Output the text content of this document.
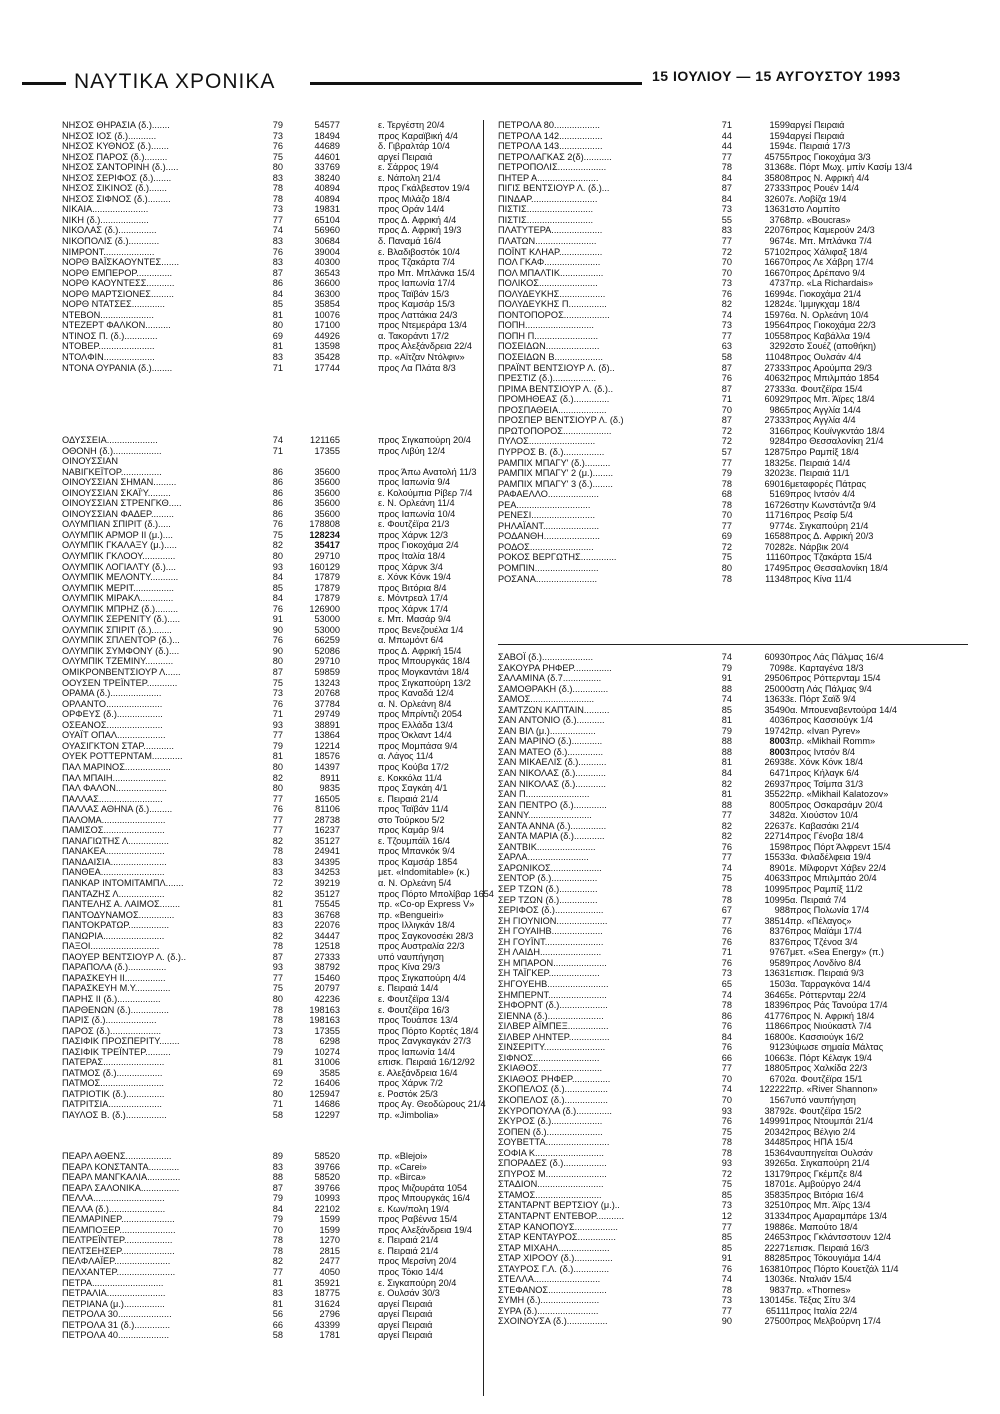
ΝΑΥΤΙΚΑ ΧΡΟΝΙΚΑ	15 ΙΟΥΛΙΟΥ — 15 ΑΥΓΟΥΣΤΟΥ 1993
ΝΗΣΟΣ ΘΗΡΑΣΙΑ (δ.).......	79	54577	ε. Τεργέστη 20/4
ΝΗΣΟΣ ΙΟΣ (δ.)...........	73	18494	προς Καραϊβική 4/4
ΝΗΣΟΣ ΚΥΘΝΟΣ (δ.).......	76	44689	δ. Γιβραλτάρ 10/4
ΝΗΣΟΣ ΠΑΡΟΣ (δ.).........	75	44601	αργεί Πειραιά
ΝΗΣΟΣ ΣΑΝΤΟΡΙΝΗ (δ.).....	80	33769	ε. Σάρρος 19/4
ΝΗΣΟΣ ΣΕΡΙΦΟΣ (δ.).......	83	38240	ε. Νάπολη 21/4
ΝΗΣΟΣ ΣΙΚΙΝΟΣ (δ.).......	78	40894	προς Γκάλβεστον 19/4
ΝΗΣΟΣ ΣΙΦΝΟΣ (δ.).........	78	40894	προς Μιλάζο 18/4
ΝΙΚΑΙΑ......................	73	19831	προς Οράν 14/4
ΝΙΚΗ (δ.)...................	77	65104	προς Δ. Αφρική 4/4
ΝΙΚΟΛΑΣ (δ.)...............	74	56960	προς Δ. Αφρική 19/3
ΝΙΚΟΠΟΛΙΣ (δ.)............	83	30684	δ. Παναμά 16/4
ΝΙΜΡΟΝΤ....................	76	39004	ε. Βλαδιβοστόκ 10/4
ΝΟΡΘ ΒΑΪΣΚΑΟΥΝΤΕΣ.......	83	40300	προς Τζακάρτα 7/4
ΝΟΡΘ ΕΜΠΕΡΟΡ..............	87	36543	προ Μπ. Μπλάνκα 15/4
ΝΟΡΘ ΚΑΟΥΝΤΕΣΣ...........	86	36600	προς Ιαπωνία 17/4
ΝΟΡΘ ΜΑΡΤΣΙΟΝΕΣ.........	84	36300	προς Ταϊβάν 15/3
ΝΟΡΘ ΝΤΑΤΣΕΣ.............	85	35854	προς Καμσάρ 15/3
ΝΤΕΒΟΝ.....................	81	10076	προς Λαττάκια 24/3
ΝΤΕΖΕΡΤ ΦΑΛΚΟΝ..........	80	17100	προς Ντεμεράρα 13/4
ΝΤΙΝΟΣ Π. (δ.).............	69	44926	α. Τακοράντι 17/2
ΝΤΟΒΕΡ......................	81	13598	προς Αλεξάνδρεια 22/4
ΝΤΟΛΦΙΝ....................	83	35428	πρ. «Αϊτζαν Ντόλφιν»
ΝΤΟΝΑ ΟΥΡΑΝΙΑ (δ.)........	71	17744	προς Λα Πλάτα 8/3
ΟΔΥΣΣΕΙΑ....................	74	121165	προς Σιγκαπούρη 20/4
ΟΘΟΝΗ (δ.)...................	71	17355	προς Λιβύη 12/4
ΟΙΝΟΥΣΣΙΑΝ
ΝΑΒΙΓΚΕΪΤΟΡ................	86	35600	προς Άπω Ανατολή 11/3
ΟΙΝΟΥΣΣΙΑΝ ΣΗΜΑΝ.........	86	35600	προς Ιαπωνία 9/4
ΟΙΝΟΥΣΣΙΑΝ ΣΚΑΪ'Υ.........	86	35600	ε. Κολούμπια Ρίβερ 7/4
ΟΙΝΟΥΣΣΙΑΝ ΣΤΡΕΝΓΚΘ.....	86	35600	ε. Ν. Ορλεάνη 11/4
ΟΙΝΟΥΣΣΙΑΝ ΦΑΔΕΡ.........	86	35600	προς Ιαπωνία 10/4
ΟΛΥΜΠΙΑΝ ΣΠΙΡΙΤ (δ.).....	76	178808	ε. Φουτζέϊρα 21/3
ΟΛΥΜΠΙΚ ΑΡΜΟΡ ΙΙ (μ.)....	75	128234	προς Χάρνκ 12/3
ΟΛΥΜΠΙΚ ΓΚΑΛΑΞΥ (μ.).....	82	35417	προς Γιοκοχάμα 2/4
ΟΛΥΜΠΙΚ ΓΚΛΟΟΥ.............	80	29710	προς Ιταλία 18/4
ΟΛΥΜΠΙΚ ΛΟΓΙΑΛΤΥ (δ.)....	93	160129	προς Χάρνκ 3/4
ΟΛΥΜΠΙΚ ΜΕΛΟΝΤΥ...........	84	17879	ε. Χόνκ Κόνκ 19/4
ΟΛΥΜΠΙΚ ΜΕΡΙΤ................	85	17879	προς Βιτόρια 8/4
ΟΛΥΜΠΙΚ ΜΙΡΑΚΛ.............	84	17879	ε. Μόντρεαλ 17/4
ΟΛΥΜΠΙΚ ΜΠΡΗΖ (δ.).........	76	126900	προς Χάρνκ 17/4
ΟΛΥΜΠΙΚ ΣΕΡΕΝΙΤΥ (δ.).....	91	53000	ε. Μπ. Μασάρ 9/4
ΟΛΥΜΠΙΚ ΣΠΙΡΙΤ (δ.)........	90	53000	προς Βενεζουέλα 1/4
ΟΛΥΜΠΙΚ ΣΠΛΕΝΤΟΡ (δ.)...	76	66259	α. Μπωμόντ 6/4
ΟΛΥΜΠΙΚ ΣΥΜΦΟΝΥ (δ.)....	90	52086	προς Δ. Αφρική 15/4
ΟΛΥΜΠΙΚ ΤΖΕΜΙΝΥ...........	80	29710	προς Μπουργκάς 18/4
ΟΜΙΚΡΟΝΒΕΝΤΣΙΟΥΡ Λ......	87	59859	προς Μογκαντάνι 18/4
ΟΟΥΣΕΝ ΤΡΕΪΝΤΕΡ............	75	13243	προς Σιγκαπούρη 13/2
ΟΡΑΜΑ (δ.)....................	73	20768	προς Καναδά 12/4
ΟΡΛΑΝΤΟ......................	76	37784	α. Ν. Ορλεάνη 8/4
ΟΡΦΕΥΣ (δ.)..................	71	29749	προς Μπρίντιζι 2054
ΟΣΕΑΝΟΣ......................	93	38891	προς Ελλάδα 13/4
ΟΥΑΪΤ ΟΠΑΛ...................	77	13864	προς Όκλαντ 14/4
ΟΥΑΣΙΓΚΤΟΝ ΣΤΑΡ............	79	12214	προς Μομπάσα 9/4
ΟΥΕΚ ΡΟΤΤΕΡΝΤΑΜ............	81	18576	α. Λάγος 11/4
ΠΑΛ ΜΑΡΙΝΟΣ..................	80	14397	προς Κούβα 17/2
ΠΑΛ ΜΠΑΙΗ.....................	82	8911	ε. Κοκκόλα 11/4
ΠΑΛ ΦΑΛΟΝ....................	80	9835	προς Σαγκάη 4/1
ΠΑΛΛΑΣ.........................	77	16505	ε. Πειραιά 21/4
ΠΑΛΛΑΣ ΑΘΗΝΑ (δ.).........	76	81106	προς Ταϊβάν 11/4
ΠΑΛΟΜΑ.........................	77	28738	στο Τούρκου 5/2
ΠΑΜΙΣΟΣ........................	77	16237	προς Καμάρ 9/4
ΠΑΝΑΓΙΩΤΗΣ Λ................	82	35127	ε. Τζουμπάϊλ 16/4
ΠΑΝΑΚΕΑ.......................	78	24941	προς Μπανκόκ 9/4
ΠΑΝΔΑΙΣΙΑ......................	83	34395	προς Καμσάρ 1854
ΠΑΝΘΕΑ.........................	83	34253	μετ. «Indomitable» (κ.)
ΠΑΝΚΑΡ ΙΝΤΟΜΙΤΑΜΠΛ.......	72	39219	α. Ν. Ορλεάνη 5/4
ΠΑΝΤΑΖΗΣ Λ..................	82	35127	προς Πόρτο Μπολίβαρ 1654
ΠΑΝΤΕΛΗΣ Α. ΛΑΙΜΟΣ........	81	75545	πρ. «Co-op Express V»
ΠΑΝΤΟΔΥΝΑΜΟΣ..............	83	36768	πρ. «Bengueiri»
ΠΑΝΤΟΚΡΑΤΩΡ................	83	22076	προς Ιλλιγκάν 18/4
ΠΑΝΩΡΙΑ........................	82	34447	προς Σαγκονοσέκι 28/3
ΠΑΞΟΙ...........................	78	12518	προς Αυστραλία 22/3
ΠΑΟΥΕΡ ΒΕΝΤΣΙΟΥΡ Λ. (δ.)..	87	27333	υπό ναυπήγηση
ΠΑΡΑΠΟΛΑ (δ.)...............	93	38792	προς Κίνα 29/3
ΠΑΡΑΣΚΕΥΗ ΙΙ................	77	15460	προς Σιγκαπούρη 4/4
ΠΑΡΑΣΚΕΥΗ Μ.Υ..............	75	20797	ε. Πειραιά 14/4
ΠΑΡΗΣ ΙΙ (δ.).................	80	42236	ε. Φουτζέϊρα 13/4
ΠΑΡΘΕΝΩΝ (δ.)...............	78	198163	ε. Φουτζέϊρα 16/3
ΠΑΡΙΣ (δ.)....................	78	198163	προς Τουάπσε 13/4
ΠΑΡΟΣ (δ.)....................	73	17355	προς Πόρτο Κορτές 18/4
ΠΑΣΙΦΙΚ ΠΡΟΣΠΕΡΙΤΥ........	78	6298	προς Ζανγκαγκάν 27/3
ΠΑΣΙΦΙΚ ΤΡΕΪΝΤΕΡ..........	79	10274	προς Ιαπωνία 14/4
ΠΑΤΕΡΑΣ........................	81	31006	επισκ. Πειραιά 16/12/92
ΠΑΤΜΟΣ (δ.)..................	69	3585	ε. Αλεξάνδρεια 16/4
ΠΑΤΜΟΣ.........................	72	16406	προς Χάρνκ 7/2
ΠΑΤΡΙΟΤΙΚ (δ.)...............	80	125947	ε. Ροστόκ 25/3
ΠΑΤΡΙΤΣΙΑ.....................	71	14686	προς Αγ. Θεοδώρους 21/4
ΠΑΥΛΟΣ Β. (δ.)................	58	12297	πρ. «Jimbolia»
ΠΕΑΡΛ ΑΘΕΝΣ..................	89	58520	πρ. «Blejoi»
ΠΕΑΡΛ ΚΟΝΣΤΑΝΤΑ............	83	39766	πρ. «Carei»
ΠΕΑΡΛ ΜΑΝΓΚΑΛΙΑ.............	88	58520	πρ. «Birca»
ΠΕΑΡΛ ΣΑΛΟΝΙΚΑ...............	87	39766	προς Μιζουράτα 1054
ΠΕΛΛΑ............................	79	10993	προς Μπουργκάς 16/4
ΠΕΛΛΑ (δ.)......................	84	22102	ε. Κων/πολη 19/4
ΠΕΛΜΑΡΙΝΕΡ.....................	79	1599	προς Ραβέννα 15/4
ΠΕΛΜΠΟΞΕΡ......................	70	1599	προς Αλεξάνδρεια 19/4
ΠΕΛΤΡΕΪΝΤΕΡ...................	78	1270	ε. Πειραιά 21/4
ΠΕΛΤΣΕΗΣΕΡ.....................	78	2815	ε. Πειραιά 21/4
ΠΕΛΦΛΑΪΕΡ......................	82	2477	προς Μερσίνη 20/4
ΠΕΛΧΑΝΤΕΡ.......................	77	4050	προς Τόκιο 14/4
ΠΕΤΡΑ............................	81	35921	ε. Σιγκαπούρη 20/4
ΠΕΤΡΑΛΙΑ.......................	83	18775	ε. Ουλσάν 30/3
ΠΕΤΡΙΑΝΑ (μ.)................	81	31624	αργεί Πειραιά
ΠΕΤΡΟΛΑ 30.....................	56	2796	αργεί Πειραιά
ΠΕΤΡΟΛΑ 31 (δ.)..............	66	43399	αργεί Πειραιά
ΠΕΤΡΟΛΑ 40....................	58	1781	αργεί Πειραιά
ΠΕΤΡΟΛΑ 80..................	71	1599 αργεί Πειραιά
ΠΕΤΡΟΛΑ 142.................	44	1594 αργεί Πειραιά
ΠΕΤΡΟΛΑ 143.................	44	1594 ε. Πειραιά 17/3
ΠΕΤΡΟΛΑΓΚΑΣ 2(δ)...........	77	45755 προς Γιοκοχάμα 3/3
ΠΕΤΡΟΠΟΛΙΣ...................	78	31368 ε. Πόρτ Μωχ. μπίν Κασίμ 13/4
ΠΗΤΕΡ Α........................	84	35808 προς Ν. Αφρική 4/4
ΠΙΓΙΣ ΒΕΝΤΣΙΟΥΡ Λ. (δ.)...	87	27333 προς Ρουέν 14/4
ΠΙΝΔΑΡ..........................	84	32607 ε. Λοβίζα 19/4
ΠΙΣΤΙΣ..........................	73	13631 στο Λομπίτο
ΠΙΣΤΙΣ..........................	55	3768 πρ. «Boucras»
ΠΛΑΤΥΤΕΡΑ....................	83	22076 προς Καμερούν 24/3
ΠΛΑΤΩΝ........................	77	9674 ε. Μπ. Μπλάνκα 7/4
ΠΟΪΝΤ ΚΛΗΑΡ.................	72	57102 προς Χάλιφαξ 18/4
ΠΟΛ ΓΚΑΦ......................	70	16670 προς Λε Χάβρη 17/4
ΠΟΛ ΜΠΑΛΤΙΚ.................	70	16670 προς Δρέπανο 9/4
ΠΟΛΙΚΟΣ.......................	73	4737 πρ. «La Richardais»
ΠΟΛΥΔΕΥΚΗΣ..................	76	16994 ε. Γιοκοχάμα 21/4
ΠΟΛΥΔΕΥΚΗΣ Π...............	82	12824 ε. Ίμμιγκχαμ 18/4
ΠΟΝΤΟΠΟΡΟΣ..................	74	15976 α. Ν. Ορλεάνη 10/4
ΠΟΠΗ...........................	73	19564 προς Γιοκοχάμα 22/3
ΠΟΠΗ Π.........................	77	10558 προς Καβάλλα 19/4
ΠΟΣΕΙΔΩΝ.....................	63	3292 στο Σουέζ (αποθήκη)
ΠΟΣΕΙΔΩΝ Β...................	58	11048 προς Ουλσάν 4/4
ΠΡΑΪΝΤ ΒΕΝΤΣΙΟΥΡ Λ. (δ)..	87	27333 προς Αρούμπα 29/3
ΠΡΕΣΤΙΖ (δ.).................	76	40632 προς Μπιλμπάο 1854
ΠΡΙΜΑ ΒΕΝΤΣΙΟΥΡ Λ. (δ.)..	87	27333 α. Φουτζέϊρα 15/4
ΠΡΟΜΗΘΕΑΣ (δ.)..............	71	60929 προς Μπ. Άϊρες 18/4
ΠΡΟΣΠΑΘΕΙΑ...................	70	9865 προς Αγγλία 14/4
ΠΡΟΣΠΕΡ ΒΕΝΤΣΙΟΥΡ Λ. (δ.)	87	27333 προς Αγγλία 4/4
ΠΡΩΤΟΠΟΡΟΣ...................	72	3166 προς Κουϊνγκντάο 18/4
ΠΥΛΟΣ..........................	72	9284 προ Θεσσαλονίκη 21/4
ΠΥΡΡΟΣ Β. (δ.)................	57	12875 προ Ραμπίξ 18/4
ΡΑΜΠΙΧ ΜΠΑΓΥ' (δ.)..........	77	18325 ε. Πειραιά 14/4
ΡΑΜΠΙΧ ΜΠΑΓΥ' 2 (μ.)........	79	32023 ε. Πειραιά 11/1
ΡΑΜΠΙΧ ΜΠΑΓΥ' 3 (δ.)........	78	69016 μεταφορές Πάτρας
ΡΑΦΑΕΛΛΟ....................	68	5169 προς Ιντσόν 4/4
ΡΕΑ.............................	78	16726 στην Κωνστάντζα 9/4
ΡΕΝΕΣΙ.........................	70	11716 προς Ρεσίφ 5/4
ΡΗΛΑΪΑΝΤ......................	77	9774 ε. Σιγκαπούρη 21/4
ΡΟΔΑΝΘΗ......................	69	16588 προς Δ. Αφρική 20/3
ΡΟΔΟΣ.........................	72	70282 ε. Νάρβικ 20/4
ΡΟΚΟΣ ΒΕΡΓΩΤΗΣ..............	75	11160 προς Τζακάρτα 15/4
ΡΟΜΠΙΝ.........................	80	17495 προς Θεσσαλονίκη 18/4
ΡΟΣΑΝΑ........................	78	11348 προς Κίνα 11/4
ΣΑΒΟΪ (δ.)....................	74	60930 προς Λάς Πάλμας 16/4
ΣΑΚΟΥΡΑ ΡΗΦΕΡ...............	79	7098 ε. Καρταγένα 18/3
ΣΑΛΑΜΙΝΑ (δ.7...............	91	29506 προς Ρόττερνταμ 15/4
ΣΑΜΟΘΡΑΚΗ (δ.)..............	88	25000 στη Λάς Πάλμας 9/4
ΣΑΜΟΣ.........................	74	13633 ε. Πόρτ Σαϊδ 9/4
ΣΑΜΤΖΩΝ ΚΑΠΤΑΙΝ..........	85	35490 α. Μπουεναβεντούρα 14/4
ΣΑΝ ΑΝΤΟΝΙΟ (δ.)...........	81	4036 προς Κασσιούγκ 1/4
ΣΑΝ ΒΙΛ (μ.)..................	79	19742 πρ. «Ivan Pyrev»
ΣΑΝ ΜΑΡΙΝΟ (δ.)............	88	8003 πρ. «Mikhail Romm»
ΣΑΝ ΜΑΤΕΟ (δ.)..............	88	8003 προς Ιντσόν 8/4
ΣΑΝ ΜΙΚΑΕΛΙΣ (δ.)...........	81	26938 ε. Χόνκ Κόνκ 18/4
ΣΑΝ ΝΙΚΟΛΑΣ (δ.)............	84	6471 προς Κήλαγκ 6/4
ΣΑΝ ΝΙΚΟΛΑΣ (δ.)............	82	26937 προς Τσίμπα 31/3
ΣΑΝ Π.........................	81	35522 πρ. «Mikhail Kalatozov»
ΣΑΝ ΠΕΝΤΡΟ (δ.).............	88	8005 προς Οσκαρσάμν 20/4
ΣΑΝΝΥ.........................	77	3482 α. Χιούστον 10/4
ΣΑΝΤΑ ΑΝΝΑ (δ.)..............	82	22637 ε. Καβασάκι 21/4
ΣΑΝΤΑ ΜΑΡΙΑ (δ.)............	82	22714 προς Γένοβα 18/4
ΣΑΝΤΒΙΚ.......................	76	1598 προς Πόρτ Άλφρεντ 15/4
ΣΑΡΛΑ........................	77	15533 α. Φιλαδέλφεια 19/4
ΣΑΡΩΝΙΚΟΣ....................	74	8901 ε. Μίλφορντ Χάβεν 22/4
ΣΕΝΤΟΡ (δ.)..................	75	40633 προς Μπιλμπάο 20/4
ΣΕΡ ΤΖΩΝ (δ.)...............	78	10995 προς Ραμπίξ 11/2
ΣΕΡ ΤΖΩΝ (δ.)...............	78	10995 α. Πειραιά 7/4
ΣΕΡΙΦΟΣ (δ.)...................	67	988 προς Πολωνία 17/4
ΣΗ ΓΙΟΥΝΙΟΝ....................	77	38514 πρ. «Πέλαγος»
ΣΗ ΓΟΥΑΙΗΒ....................	76	8376 προς Μαϊάμι 17/4
ΣΗ ΓΟΥΪΝΤ.......................	76	8376 προς Τζένοα 3/4
ΣΗ ΛΑΙΔΗ........................	71	9767 μετ. «Sea Energy» (π.)
ΣΗ ΜΠΑΡΟΝ.....................	76	9589 προς Λονδίνο 8/4
ΣΗ ΤΑΪΓΚΕΡ....................	73	13631 επισκ. Πειραιά 9/3
ΣΗΓΟΥΕΗΒ........................	65	1503 α. Ταρραγκόνα 14/4
ΣΗΜΠΕΡΝΤ.......................	74	36465 ε. Ρόττερνταμ 22/4
ΣΗΦΟΡΝΤ (δ.)...................	78	18396 προς Ράς Τανούρα 17/4
ΣΙΕΝΝΑ (δ.)......................	86	41776 προς Ν. Αφρική 18/4
ΣΙΛΒΕΡ ΑΪΜΠΕΞ................	76	11866 προς Νιούκαστλ 7/4
ΣΙΛΒΕΡ ΛΗΝΤΕΡ................	84	16800 ε. Κασσιούγκ 16/2
ΣΙΝΣΕΡΙΤΥ........................	76	9123 ύψωσε σημαία Μάλτας
ΣΙΦΝΟΣ..........................	66	10663 ε. Πόρτ Κέλαγκ 19/4
ΣΚΙΑΘΟΣ.........................	77	18805 προς Χαλκίδα 22/3
ΣΚΙΑΘΟΣ ΡΗΦΕΡ...............	70	6702 α. Φουτζέϊρα 15/1
ΣΚΟΠΕΛΟΣ (δ.).................	74	122222 πρ. «River Shannon»
ΣΚΟΠΕΛΟΣ (δ.).................	70	1567 υπό ναυπήγηση
ΣΚΥΡΟΠΟΥΛΑ (δ.)..............	93	38792 ε. Φουτζέϊρα 15/2
ΣΚΥΡΟΣ (δ.)....................	76	149991 προς Ντουμπάι 21/4
ΣΟΠΕΝ (δ.)......................	75	20342 προς Βέλγιο 2/4
ΣΟΥΒΕΤΤΑ.........................	78	34485 προς ΗΠΑ 15/4
ΣΟΦΙΑ Κ...........................	78	15364 ναυπηγείται Ουλσάν
ΣΠΟΡΑΔΕΣ (δ.).................	93	39265 α. Σιγκαπούρη 21/4
ΣΠΥΡΟΣ Μ........................	72	13179 προς Γκέμπζε 8/4
ΣΤΑΔΙΟΝ..........................	75	18701 ε. Αμβούργο 24/4
ΣΤΑΜΟΣ..........................	85	35835 προς Βιτόρια 16/4
ΣΤΑΝΤΑΡΝΤ ΒΕΡΤΣΙΟΥ (μ.)..	73	32510 προς Μπ. Άϊρς 13/4
ΣΤΑΝΤΑΡΝΤ ΕΝΤΕΒΟΡ...........	12	31334 προς Αμαραμπάρε 13/4
ΣΤΑΡ ΚΑΝΟΠΟΥΣ.................	77	19886 ε. Μαπούτο 18/4
ΣΤΑΡ ΚΕΝΤΑΥΡΟΣ...............	85	24653 προς Γκλάντσστουν 12/4
ΣΤΑΡ ΜΙΧΑΗΛ....................	85	22271 επισκ. Πειραιά 16/3
ΣΤΑΡ ΧΙΡΟΟΥ (δ.)...............	91	88285 προς Τόκουγιάμα 14/4
ΣΤΑΥΡΟΣ Γ.Λ. (δ.)..............	76	163810 προς Πόρτο Κουετζάλ 11/4
ΣΤΕΛΛΑ..........................	74	13036 ε. Νταλιάν 15/4
ΣΤΕΦΑΝΟΣ.......................	78	9837 πρ. «Thornes»
ΣΥΜΗ (δ.).......................	73	130145 ε. Τέξας Σίτυ 3/4
ΣΥΡΑ (δ.)........................	77	65111 προς Ιταλία 22/4
ΣΧΟΙΝΟΥΣΑ (δ.)................	90	27500 προς Μελβούρνη 17/4
